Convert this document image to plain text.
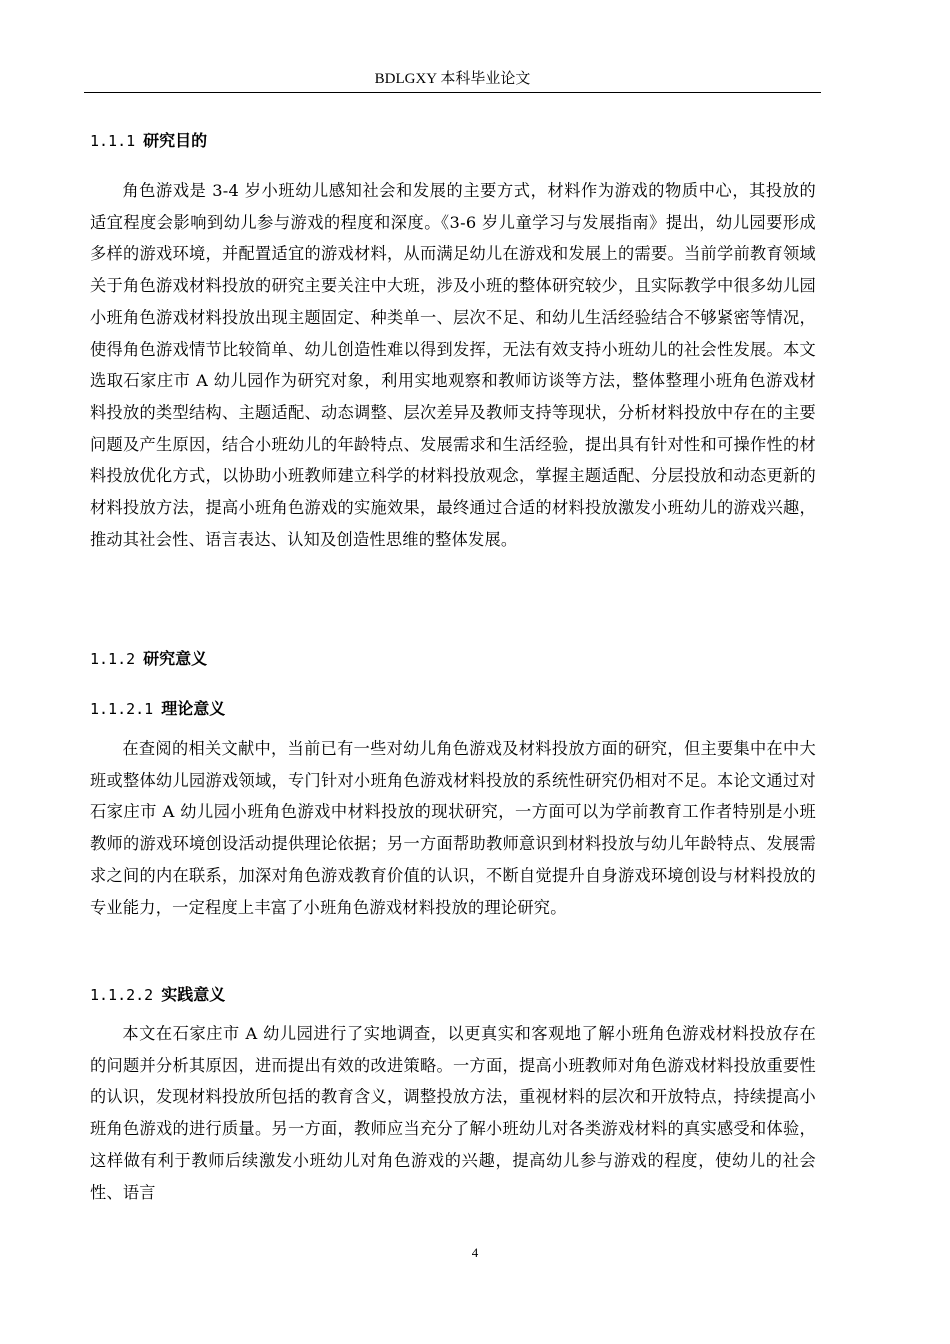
BDLGXY 本科毕业论文
1.1.1 研究目的

角色游戏是 3-4 岁小班幼儿感知社会和发展的主要方式，材料作为游戏的物质中心，其投放的适宜程度会影响到幼儿参与游戏的程度和深度。《3-6 岁儿童学习与发展指南》提出，幼儿园要形成多样的游戏环境，并配置适宜的游戏材料，从而满足幼儿在游戏和发展上的需要。当前学前教育领域关于角色游戏材料投放的研究主要关注中大班，涉及小班的整体研究较少，且实际教学中很多幼儿园小班角色游戏材料投放出现主题固定、种类单一、层次不足、和幼儿生活经验结合不够紧密等情况，使得角色游戏情节比较简单、幼儿创造性难以得到发挥，无法有效支持小班幼儿的社会性发展。本文选取石家庄市 A 幼儿园作为研究对象，利用实地观察和教师访谈等方法，整体整理小班角色游戏材料投放的类型结构、主题适配、动态调整、层次差异及教师支持等现状，分析材料投放中存在的主要问题及产生原因，结合小班幼儿的年龄特点、发展需求和生活经验，提出具有针对性和可操作性的材料投放优化方式，以协助小班教师建立科学的材料投放观念，掌握主题适配、分层投放和动态更新的材料投放方法，提高小班角色游戏的实施效果，最终通过合适的材料投放激发小班幼儿的游戏兴趣，推动其社会性、语言表达、认知及创造性思维的整体发展。

1.1.2 研究意义
1.1.2.1 理论意义

在查阅的相关文献中，当前已有一些对幼儿角色游戏及材料投放方面的研究，但主要集中在中大班或整体幼儿园游戏领域，专门针对小班角色游戏材料投放的系统性研究仍相对不足。本论文通过对石家庄市 A 幼儿园小班角色游戏中材料投放的现状研究，一方面可以为学前教育工作者特别是小班教师的游戏环境创设活动提供理论依据；另一方面帮助教师意识到材料投放与幼儿年龄特点、发展需求之间的内在联系，加深对角色游戏教育价值的认识，不断自觉提升自身游戏环境创设与材料投放的专业能力，一定程度上丰富了小班角色游戏材料投放的理论研究。

1.1.2.2 实践意义

本文在石家庄市 A 幼儿园进行了实地调查，以更真实和客观地了解小班角色游戏材料投放存在的问题并分析其原因，进而提出有效的改进策略。一方面，提高小班教师对角色游戏材料投放重要性的认识，发现材料投放所包括的教育含义，调整投放方法，重视材料的层次和开放特点，持续提高小班角色游戏的进行质量。另一方面，教师应当充分了解小班幼儿对各类游戏材料的真实感受和体验，这样做有利于教师后续激发小班幼儿对角色游戏的兴趣，提高幼儿参与游戏的程度，使幼儿的社会性、语言

4
